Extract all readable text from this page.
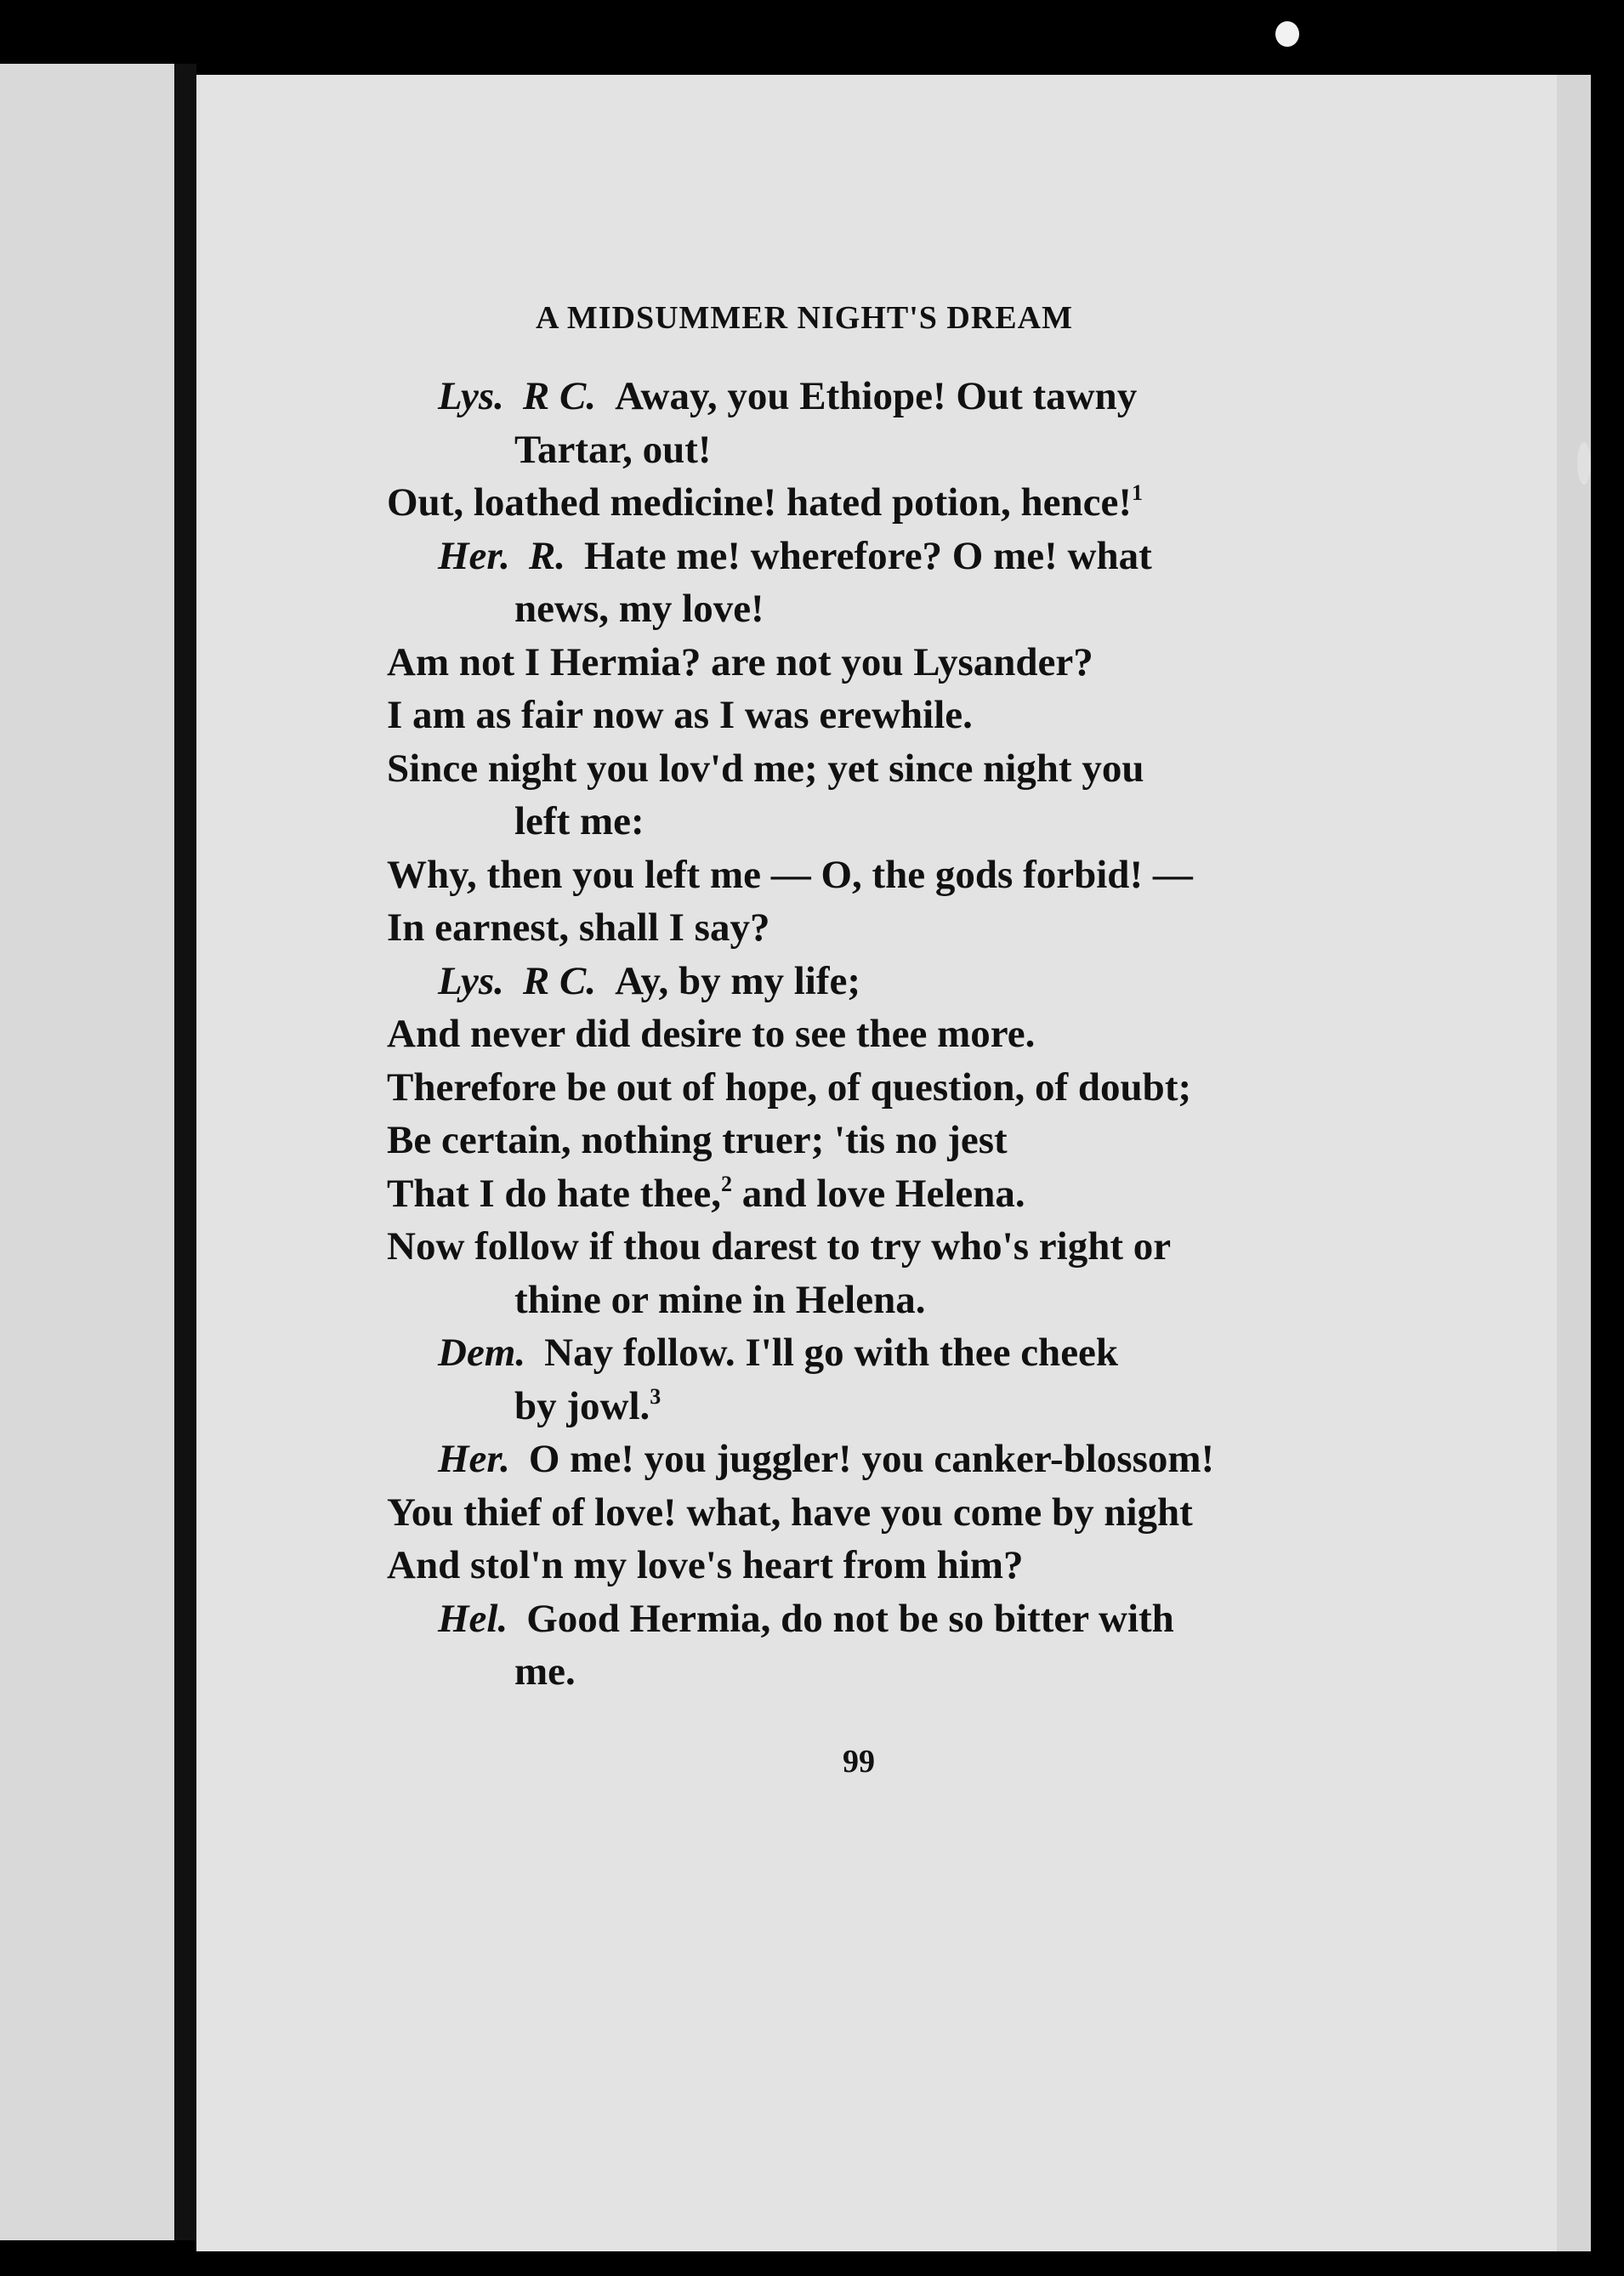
A MIDSUMMER NIGHT'S DREAM
Lys. R C. Away, you Ethiope! Out tawny
Tartar, out!
Out, loathed medicine! hated potion, hence!$^1$
Her. R. Hate me! wherefore? O me! what
news, my love!
Am not I Hermia? are not you Lysander?
I am as fair now as I was erewhile.
Since night you lov'd me; yet since night you
left me:
Why, then you left me — O, the gods forbid! —
In earnest, shall I say?
Lys. R C. Ay, by my life;
And never did desire to see thee more.
Therefore be out of hope, of question, of doubt;
Be certain, nothing truer; 'tis no jest
That I do hate thee,$^2$ and love Helena.
Now follow if thou darest to try who's right or
thine or mine in Helena.
Dem. Nay follow. I'll go with thee cheek
by jowl.$^3$
Her. O me! you juggler! you canker-blossom!
You thief of love! what, have you come by night
And stol'n my love's heart from him?
Hel. Good Hermia, do not be so bitter with
me.
99
